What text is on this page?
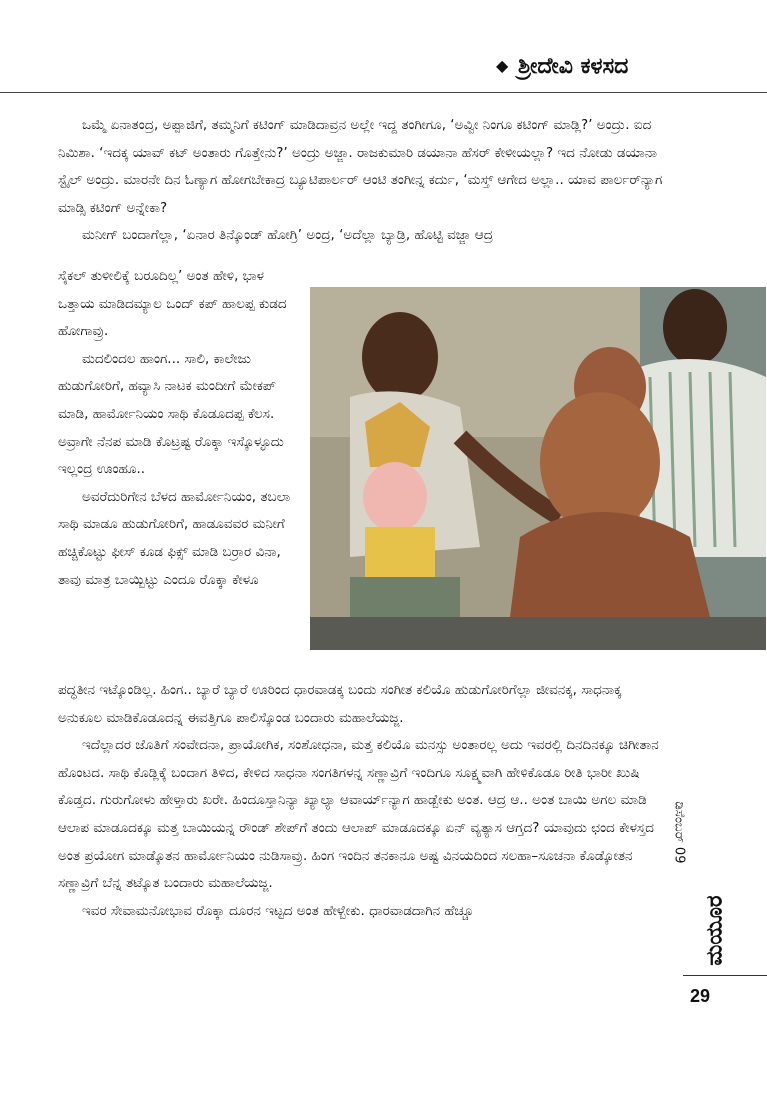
◆ ಶ್ರೀದೇವಿ ಕಳಸದ

ಒಮ್ಮೆ ಏನಾತಂದ್ರ, ಅಪ್ಪಾಜಿಗೆ, ತಮ್ಮನಿಗೆ ಕಟಿಂಗ್ ಮಾಡಿದಾವ್ರನ ಅಲ್ಲೇ ಇದ್ದ ತಂಗೀಗೂ, ‘ಅವ್ವೀ ನಿಂಗೂ ಕಟಿಂಗ್ ಮಾಡ್ಲಿ?’ ಅಂದ್ರು. ಐದ ನಿಮಿಶಾ. ‘ಇದಕ್ಕ ಯಾವ್ ಕಟ್ ಅಂತಾರು ಗೊತ್ತೇನು?’ ಅಂದ್ರು ಅಜ್ಜಾ. ರಾಜಕುಮಾರಿ ಡಯಾನಾ ಹೆಸರ್ ಕೇಳೀಯಲ್ಲಾ? ಇದ ನೋಡು ಡಯಾನಾ ಸ್ಟೈಲ್ ಅಂದ್ರು. ಮಾರನೇ ದಿನ ಓಣ್ಯಾಗ ಹೋಗಬೇಕಾದ್ರ ಬ್ಯೂಟಿಪಾರ್ಲರ್ ಆಂಟಿ ತಂಗೀನ್ನ ಕರ್ದು, ‘ಮಸ್ತ್ ಆಗೇದ ಅಲ್ಲಾ.. ಯಾವ ಪಾರ್ಲರ್‌ನ್ಯಾಗ ಮಾಡ್ಸಿ ಕಟಿಂಗ್ ಅನ್ನೇಕಾ?

ಮನೀಗ್ ಬಂದಾಗೆಲ್ಲಾ, ‘ಏನಾರ ತಿನ್ಕೊಂಡ್ ಹೋಗ್ರಿ’ ಅಂದ್ರ, ‘ಅದೆಲ್ಲಾ ಬ್ಯಾಡ್ರಿ, ಹೊಟ್ಟಿ ವಜ್ಜಾ ಆದ್ರ

ಸೈಕಲ್ ತುಳೀಲಿಕ್ಕೆ ಬರೂದಿಲ್ಲ’ ಅಂತ ಹೇಳಿ, ಭಾಳ ಒತ್ತಾಯ ಮಾಡಿದಮ್ಯಾಲ ಒಂದ್ ಕಪ್ ಹಾಲಪ್ಪ ಕುಡದ ಹೋಗಾವ್ರು.

ಮದಲಿಂದಲ ಹಾಂಗ... ಸಾಲಿ, ಕಾಲೇಜು ಹುಡುಗೋರಿಗೆ, ಹವ್ಯಾಸಿ ನಾಟಕ ಮಂದೀಗೆ ಮೇಕಪ್ ಮಾಡಿ, ಹಾರ್ಮೋನಿಯಂ ಸಾಥಿ ಕೊಡೂದಪ್ಪ ಕೆಲಸ. ಅವ್ರಾಗೇ ನೆನಪ ಮಾಡಿ ಕೊಟ್ರಷ್ಟ ರೊಕ್ಕಾ ಇಸ್ಕೊಳ್ಳೂದು ಇಲ್ಲಂದ್ರ ಊಂಹೂ..

ಅವರೆದುರಿಗೇನ ಬೆಳದ ಹಾರ್ಮೋನಿಯಂ, ತಬಲಾ ಸಾಥಿ ಮಾಡೂ ಹುಡುಗೋರಿಗೆ, ಹಾಡೂವವರ ಮನೀಗೆ ಹಚ್ಚಿಕೊಟ್ಟು ಫೀಸ್ ಕೂಡ ಫಿಕ್ಸ್ ಮಾಡಿ ಬರ್ರಾರ ವಿನಾ, ತಾವು ಮಾತ್ರ ಬಾಯ್ಬಿಟ್ಟು ಎಂದೂ ರೊಕ್ಕಾ ಕೇಳೂ

ಪದ್ಧತೀನ ಇಟ್ಕೊಂಡಿಲ್ಲ. ಹಿಂಗ.. ಬ್ಯಾರೆ ಬ್ಯಾರೆ ಊರಿಂದ ಧಾರವಾಡಕ್ಕ ಬಂದು ಸಂಗೀತ ಕಲಿಯೊ ಹುಡುಗೋರಿಗೆಲ್ಲಾ ಜೀವನಕ್ಕ, ಸಾಧನಾಕ್ಕ ಅನುಕೂಲ ಮಾಡಿಕೊಡೂದನ್ನ ಈವತ್ತಿಗೂ ಪಾಲಿಸ್ಕೊಂಡ ಬಂದಾರು ಮಹಾಲೆಯಜ್ಜ.

ಇದೆಲ್ಲಾದರ ಜೊತಿಗೆ ಸಂವೇದನಾ, ಪ್ರಾಯೋಗಿಕ, ಸಂಶೋಧನಾ, ಮತ್ತ ಕಲಿಯೊ ಮನಸ್ಸು ಅಂತಾರಲ್ಲ ಅದು ಇವರಲ್ಲಿ ದಿನದಿನಕ್ಕೂ ಚಿಗೀತಾನ ಹೊಂಟದ. ಸಾಥಿ ಕೊಡ್ಲಿಕ್ಕೆ ಬಂದಾಗ ತಿಳಿದ, ಕೇಳಿದ ಸಾಧನಾ ಸಂಗತಿಗಳನ್ನ ಸಣ್ಣಾವ್ರಿಗೆ ಇಂದಿಗೂ ಸೂಕ್ಷ್ಮವಾಗಿ ಹೇಳಿಕೊಡೂ ರೀತಿ ಭಾರೀ ಖುಷಿ ಕೊಡ್ತದ. ಗುರುಗೋಳು ಹೇಳ್ತಾರು ಖರೇ. ಹಿಂದೂಸ್ತಾನಿನ್ಯಾ ಖ್ಯಾಲ್ಯಾ ಆವಾರ್ಯ್‌ನ್ಯಾಗ ಹಾಡ್ಬೇಕು ಅಂತ. ಆದ್ರ ಆ.. ಅಂತ ಬಾಯಿ ಅಗಲ ಮಾಡಿ ಆಲಾಪ ಮಾಡೂದಕ್ಕೂ ಮತ್ತ ಬಾಯಿಯನ್ನ ರೌಂಡ್ ಶೇಪ್‌ಗೆ ತಂದು ಆಲಾಪ್ ಮಾಡೂದಕ್ಕೂ ಏನ್ ವ್ಯತ್ಯಾಸ ಆಗ್ತದ? ಯಾವುದು ಛಂದ ಕೇಳಸ್ತದ ಅಂತ ಪ್ರಯೋಗ ಮಾಡ್ಕೊತನ ಹಾರ್ಮೋನಿಯಂ ನುಡಿಸಾವ್ರು. ಹಿಂಗ ಇಂದಿನ ತನಕಾನೂ ಅಷ್ಟ ವಿನಯದಿಂದ ಸಲಹಾ–ಸೂಚನಾ ಕೊಡ್ಕೋತನ ಸಣ್ಣಾವ್ರಿಗೆ ಬೆನ್ನ ತಟ್ಕೊತ ಬಂದಾರು ಮಹಾಲೆಯಜ್ಜ.

ಇವರ ಸೇವಾಮನೋಭಾವ ರೊಕ್ಕಾ ದೂರನ ಇಟ್ಟದ ಅಂತ ಹೇಳ್ಬೇಕು. ಧಾರವಾಡದಾಗಿನ ಹೆಚ್ಚೂ

ಡಿಸೆಂಬರ್ 09
ಮಯೂರ
29
